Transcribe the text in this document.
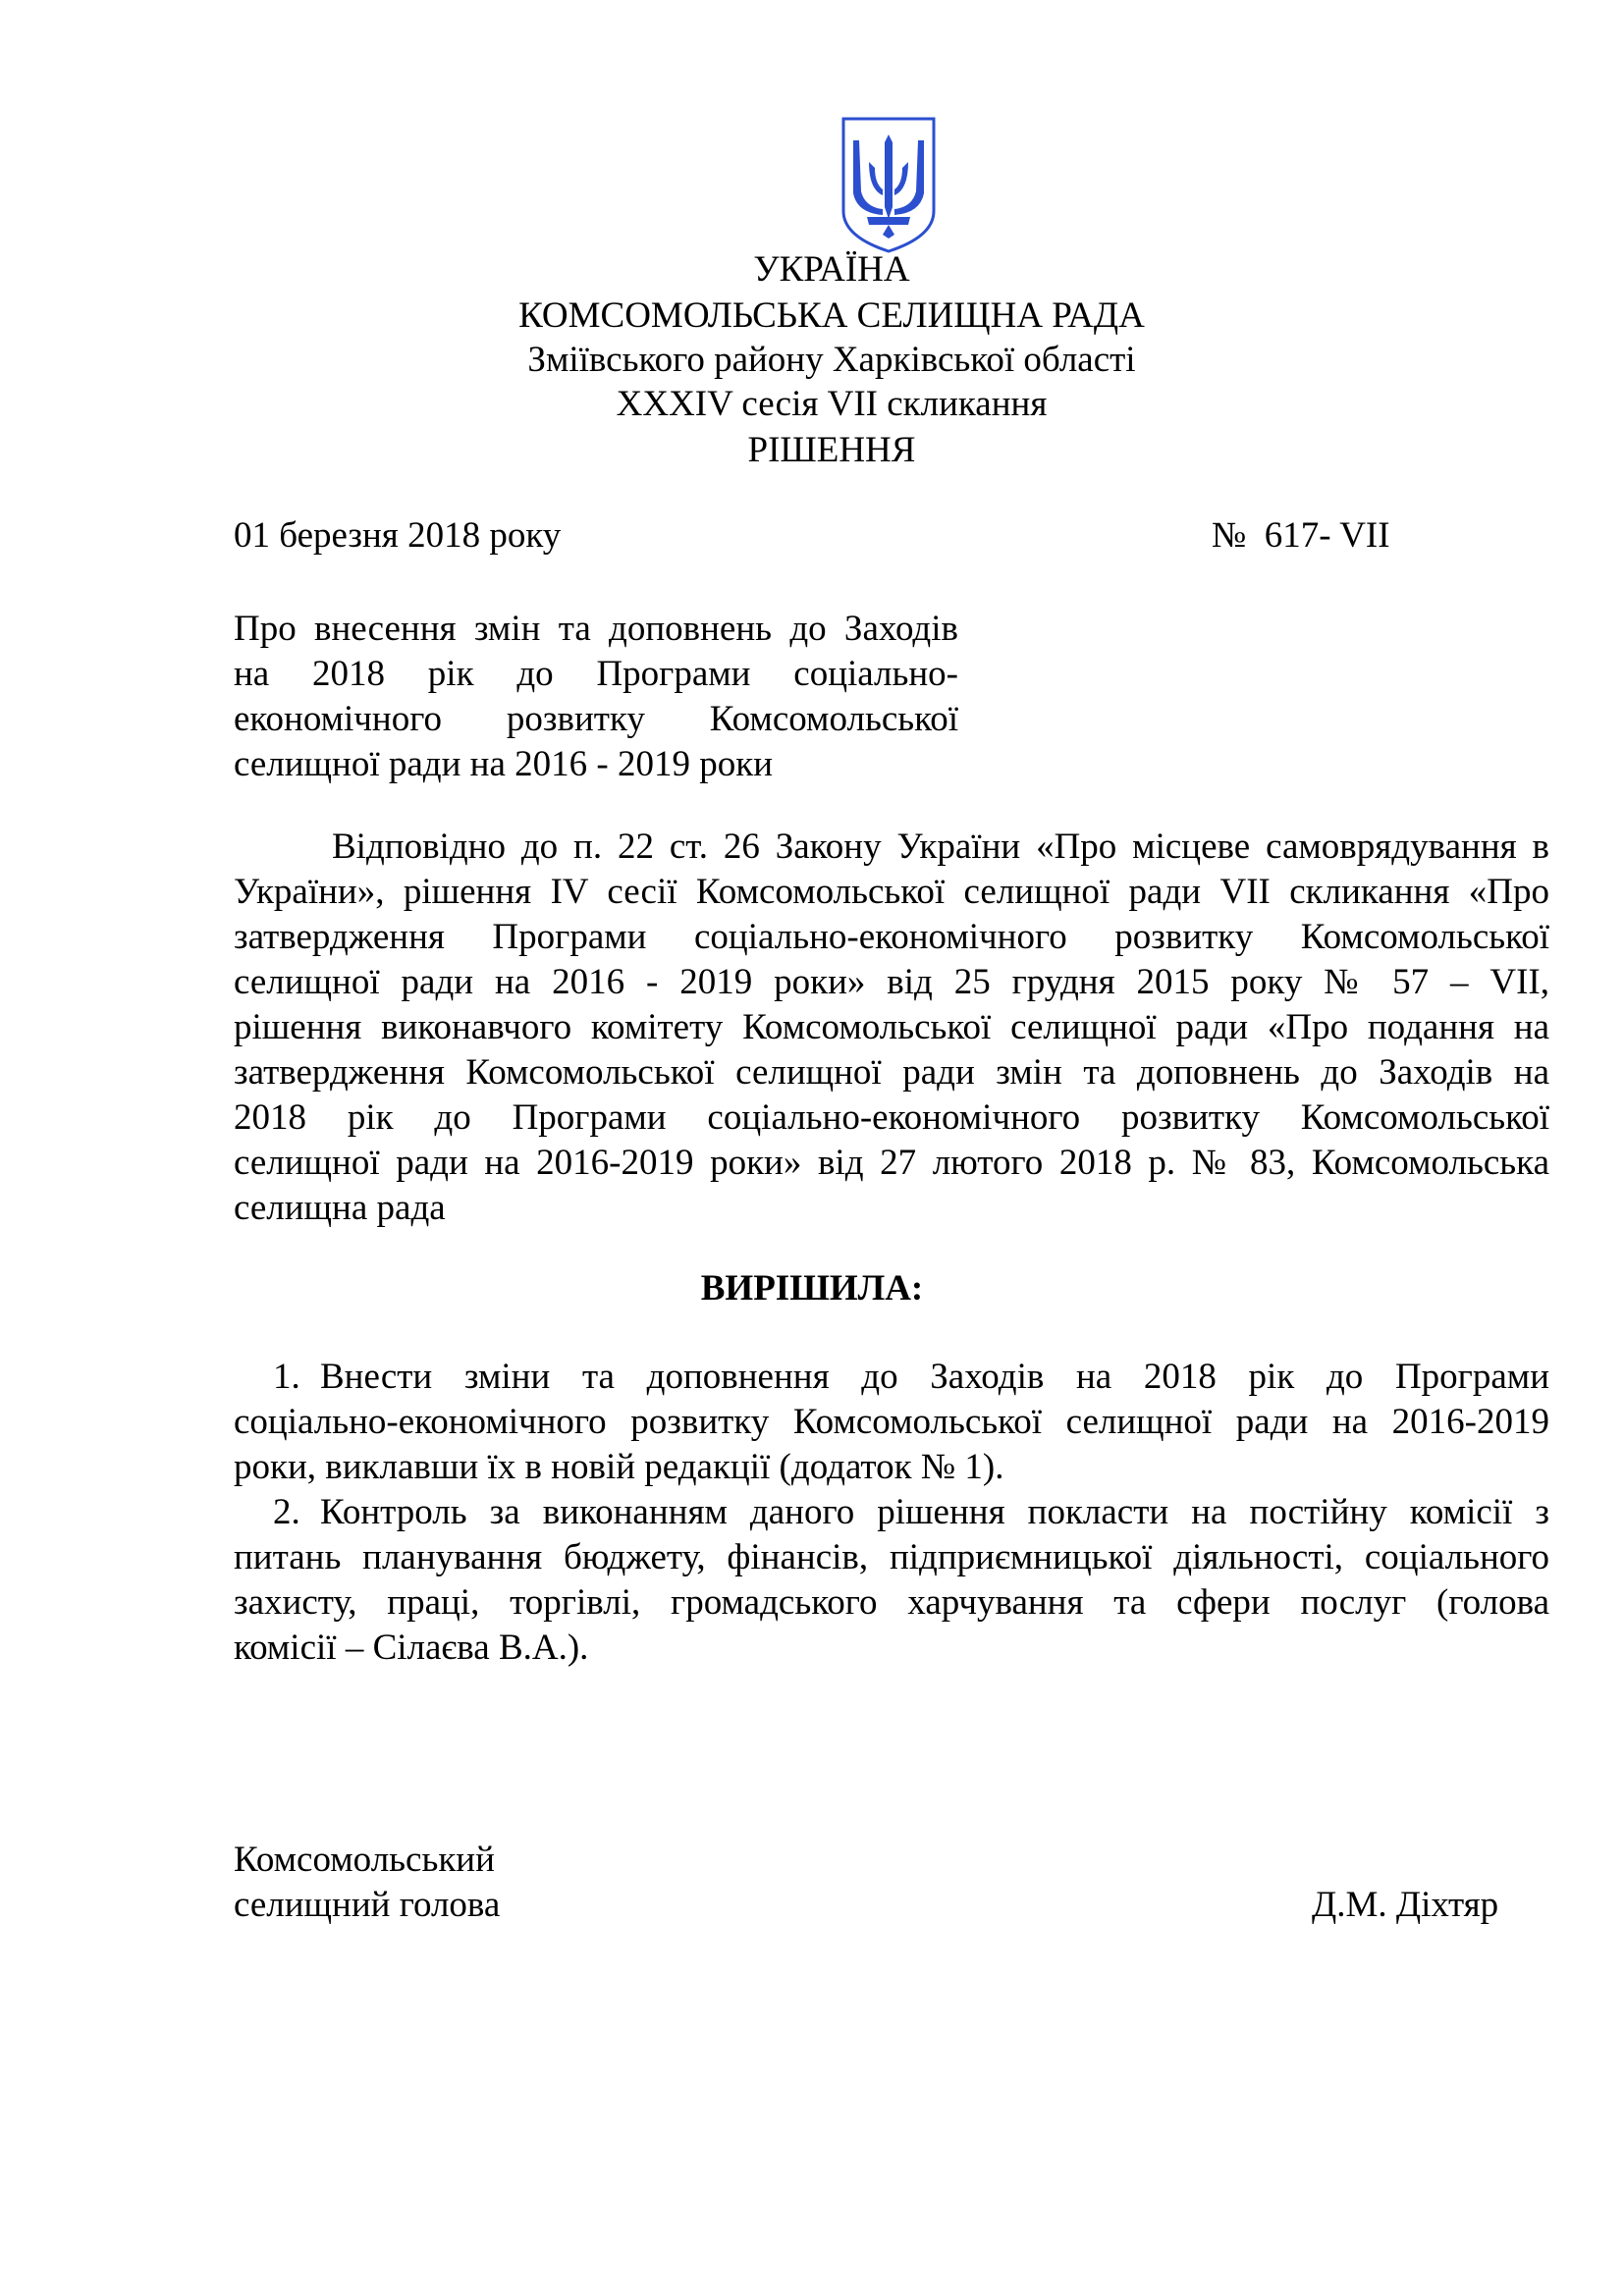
УКРАЇНА
КОМСОМОЛЬСЬКА СЕЛИЩНА РАДА
Зміївського району Харківської області
ХХХІV сесія VІІ скликання
РІШЕННЯ
01 березня 2018 року	№  617- VІІ
Про внесення змін та доповнень до Заходів
на 2018 рік до Програми соціально-
економічного розвитку Комсомольської
селищної ради на 2016 - 2019 роки
Відповідно до п. 22 ст. 26 Закону України «Про місцеве самоврядування в
України», рішення ІV сесії Комсомольської селищної ради VІІ скликання «Про
затвердження Програми соціально-економічного розвитку Комсомольської
селищної ради на 2016 - 2019 роки» від 25 грудня 2015 року № 57 – VІІ,
рішення виконавчого комітету Комсомольської селищної ради «Про подання на
затвердження Комсомольської селищної ради змін та доповнень до Заходів на
2018 рік до Програми соціально-економічного розвитку Комсомольської
селищної ради на 2016-2019 роки» від 27 лютого 2018 р. № 83, Комсомольська
селищна рада
ВИРІШИЛА:
1. Внести зміни та доповнення до Заходів на 2018 рік до Програми
соціально-економічного розвитку Комсомольської селищної ради на 2016-2019
роки, виклавши їх в новій редакції (додаток № 1).
2. Контроль за виконанням даного рішення покласти на постійну комісії з
питань планування бюджету, фінансів, підприємницької діяльності, соціального
захисту, праці, торгівлі, громадського харчування та сфери послуг (голова
комісії – Сілаєва В.А.).
Комсомольський
селищний голова	Д.М. Діхтяр
